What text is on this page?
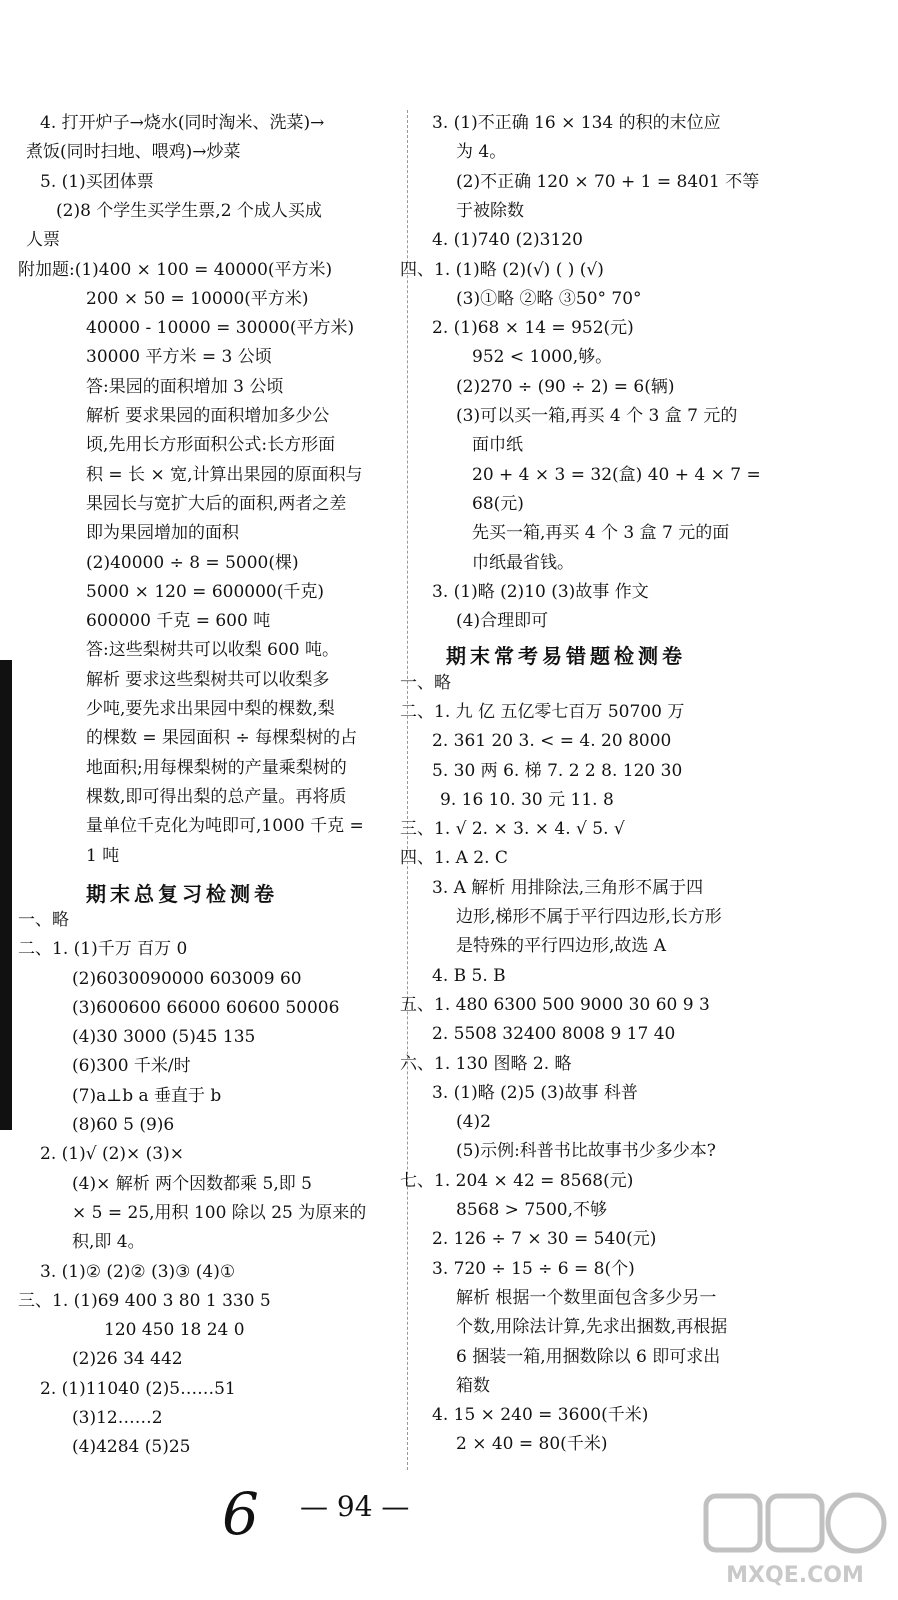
4. 打开炉子→烧水(同时淘米、洗菜)→
煮饭(同时扫地、喂鸡)→炒菜
5. (1)买团体票
(2)8 个学生买学生票,2 个成人买成
人票
附加题:(1)400 × 100 = 40000(平方米)
200 × 50 = 10000(平方米)
40000 - 10000 = 30000(平方米)
30000 平方米 = 3 公顷
答:果园的面积增加 3 公顷
解析 要求果园的面积增加多少公
顷,先用长方形面积公式:长方形面
积 = 长 × 宽,计算出果园的原面积与
果园长与宽扩大后的面积,两者之差
即为果园增加的面积
(2)40000 ÷ 8 = 5000(棵)
5000 × 120 = 600000(千克)
600000 千克 = 600 吨
答:这些梨树共可以收梨 600 吨。
解析 要求这些梨树共可以收梨多
少吨,要先求出果园中梨的棵数,梨
的棵数 = 果园面积 ÷ 每棵梨树的占
地面积;用每棵梨树的产量乘梨树的
棵数,即可得出梨的总产量。再将质
量单位千克化为吨即可,1000 千克 =
1 吨
期末总复习检测卷
一、略
二、1. (1)千万 百万 0
(2)6030090000 603009 60
(3)600600 66000 60600 50006
(4)30 3000 (5)45 135
(6)300 千米/时
(7)a⊥b a 垂直于 b
(8)60 5 (9)6
2. (1)√ (2)× (3)×
(4)× 解析 两个因数都乘 5,即 5
× 5 = 25,用积 100 除以 25 为原来的
积,即 4。
3. (1)② (2)② (3)③ (4)①
三、1. (1)69 400 3 80 1 330 5
120 450 18 24 0
(2)26 34 442
2. (1)11040 (2)5……51
(3)12……2
(4)4284 (5)25
3. (1)不正确 16 × 134 的积的末位应
为 4。
(2)不正确 120 × 70 + 1 = 8401 不等
于被除数
4. (1)740 (2)3120
四、1. (1)略 (2)(√) ( ) (√)
(3)①略 ②略 ③50° 70°
2. (1)68 × 14 = 952(元)
952 < 1000,够。
(2)270 ÷ (90 ÷ 2) = 6(辆)
(3)可以买一箱,再买 4 个 3 盒 7 元的
面巾纸
20 + 4 × 3 = 32(盒) 40 + 4 × 7 =
68(元)
先买一箱,再买 4 个 3 盒 7 元的面
巾纸最省钱。
3. (1)略 (2)10 (3)故事 作文
(4)合理即可
期末常考易错题检测卷
一、略
二、1. 九 亿 五亿零七百万 50700 万
2. 361 20 3. < = 4. 20 8000
5. 30 两 6. 梯 7. 2 2 8. 120 30
9. 16 10. 30 元 11. 8
三、1. √ 2. × 3. × 4. √ 5. √
四、1. A 2. C
3. A 解析 用排除法,三角形不属于四
边形,梯形不属于平行四边形,长方形
是特殊的平行四边形,故选 A
4. B 5. B
五、1. 480 6300 500 9000 30 60 9 3
2. 5508 32400 8008 9 17 40
六、1. 130 图略 2. 略
3. (1)略 (2)5 (3)故事 科普
(4)2
(5)示例:科普书比故事书少多少本?
七、1. 204 × 42 = 8568(元)
8568 > 7500,不够
2. 126 ÷ 7 × 30 = 540(元)
3. 720 ÷ 15 ÷ 6 = 8(个)
解析 根据一个数里面包含多少另一
个数,用除法计算,先求出捆数,再根据
6 捆装一箱,用捆数除以 6 即可求出
箱数
4. 15 × 240 = 3600(千米)
2 × 40 = 80(千米)
6 — 94 —
MXQE.COM
